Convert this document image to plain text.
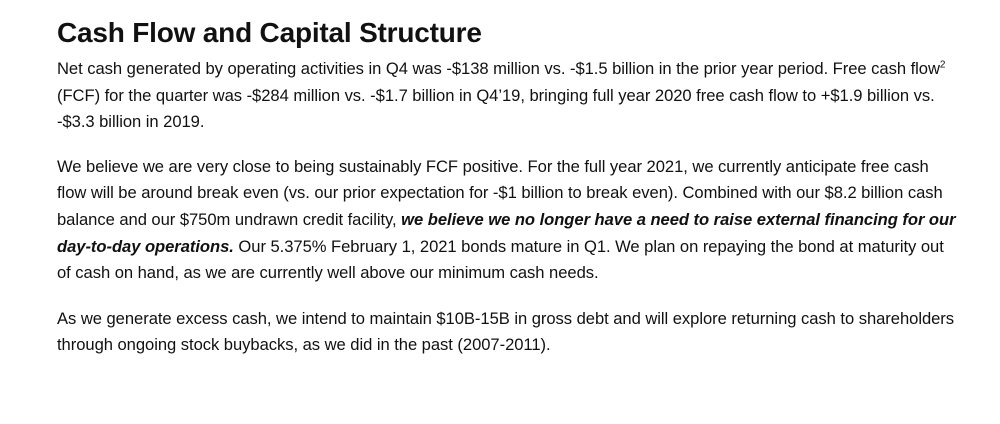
Cash Flow and Capital Structure

Net cash generated by operating activities in Q4 was -$138 million vs. -$1.5 billion in the prior year period. Free cash flow$^2$ (FCF) for the quarter was -$284 million vs. -$1.7 billion in Q4’19, bringing full year 2020 free cash flow to +$1.9 billion vs. -$3.3 billion in 2019.

We believe we are very close to being sustainably FCF positive. For the full year 2021, we currently anticipate free cash flow will be around break even (vs. our prior expectation for -$1 billion to break even). Combined with our $8.2 billion cash balance and our $750m undrawn credit facility, we believe we no longer have a need to raise external financing for our day-to-day operations. Our 5.375% February 1, 2021 bonds mature in Q1. We plan on repaying the bond at maturity out of cash on hand, as we are currently well above our minimum cash needs.

As we generate excess cash, we intend to maintain $10B-15B in gross debt and will explore returning cash to shareholders through ongoing stock buybacks, as we did in the past (2007-2011).
